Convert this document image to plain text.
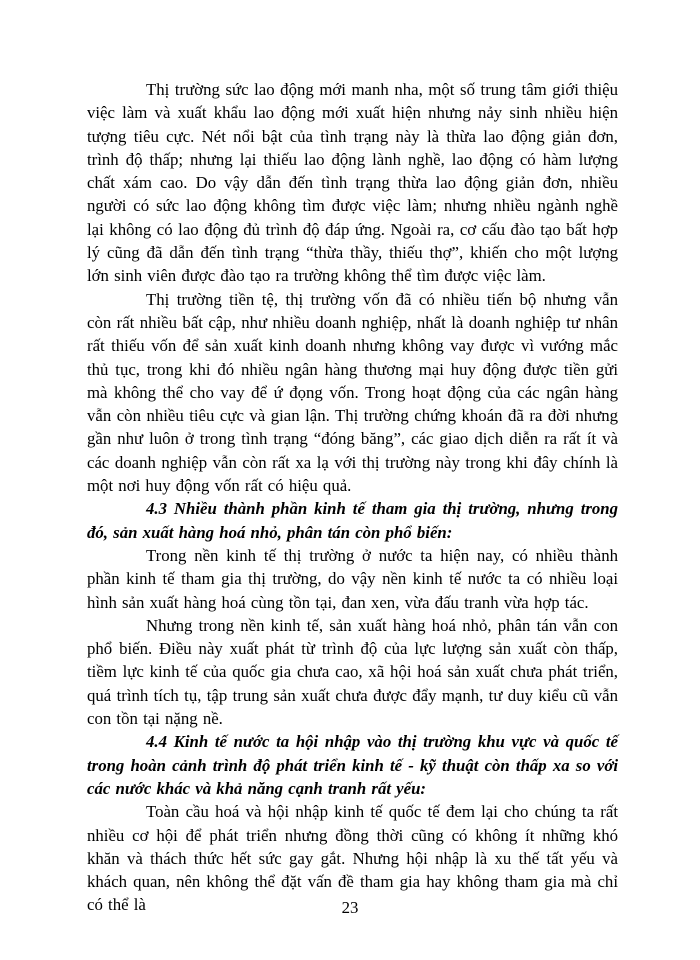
Thị trường sức lao động mới manh nha, một số trung tâm giới thiệu việc làm và xuất khẩu lao động mới xuất hiện nhưng nảy sinh nhiều hiện tượng tiêu cực. Nét nổi bật của tình trạng này là thừa lao động giản đơn, trình độ thấp; nhưng lại thiếu lao động lành nghề, lao động có hàm lượng chất xám cao. Do vậy dẫn đến tình trạng thừa lao động giản đơn, nhiều người có sức lao động không tìm được việc làm; nhưng nhiều ngành nghề lại không có lao động đủ trình độ đáp ứng. Ngoài ra, cơ cấu đào tạo bất hợp lý cũng đã dẫn đến tình trạng “thừa thầy, thiếu thợ”, khiến cho một lượng lớn sinh viên được đào tạo ra trường không thể tìm được việc làm.

Thị trường tiền tệ, thị trường vốn đã có nhiều tiến bộ nhưng vẫn còn rất nhiều bất cập, như nhiều doanh nghiệp, nhất là doanh nghiệp tư nhân rất thiếu vốn để sản xuất kinh doanh nhưng không vay được vì vướng mắc thủ tục, trong khi đó nhiều ngân hàng thương mại huy động được tiền gửi mà không thể cho vay để ứ đọng vốn. Trong hoạt động của các ngân hàng vẫn còn nhiều tiêu cực và gian lận. Thị trường chứng khoán đã ra đời nhưng gần như luôn ở trong tình trạng “đóng băng”, các giao dịch diễn ra rất ít và các doanh nghiệp vẫn còn rất xa lạ với thị trường này trong khi đây chính là một nơi huy động vốn rất có hiệu quả.

4.3 Nhiều thành phần kinh tế tham gia thị trường, nhưng trong đó, sản xuất hàng hoá nhỏ, phân tán còn phổ biến:

Trong nền kinh tế thị trường ở nước ta hiện nay, có nhiều thành phần kinh tế tham gia thị trường, do vậy nền kinh tế nước ta có nhiều loại hình sản xuất hàng hoá cùng tồn tại, đan xen, vừa đấu tranh vừa hợp tác.

Nhưng trong nền kinh tế, sản xuất hàng hoá nhỏ, phân tán vẫn con phổ biến. Điều này xuất phát từ trình độ của lực lượng sản xuất còn thấp, tiềm lực kinh tế của quốc gia chưa cao, xã hội hoá sản xuất chưa phát triển, quá trình tích tụ, tập trung sản xuất chưa được đẩy mạnh, tư duy kiểu cũ vẫn con tồn tại nặng nề.

4.4 Kinh tế nước ta hội nhập vào thị trường khu vực và quốc tế trong hoàn cảnh trình độ phát triển kinh tế - kỹ thuật còn thấp xa so với các nước khác và khả năng cạnh tranh rất yếu:

Toàn cầu hoá và hội nhập kinh tế quốc tế đem lại cho chúng ta rất nhiều cơ hội để phát triển nhưng đồng thời cũng có không ít những khó khăn và thách thức hết sức gay gắt. Nhưng hội nhập là xu thế tất yếu và khách quan, nên không thể đặt vấn đề tham gia hay không tham gia mà chỉ có thể là	23
